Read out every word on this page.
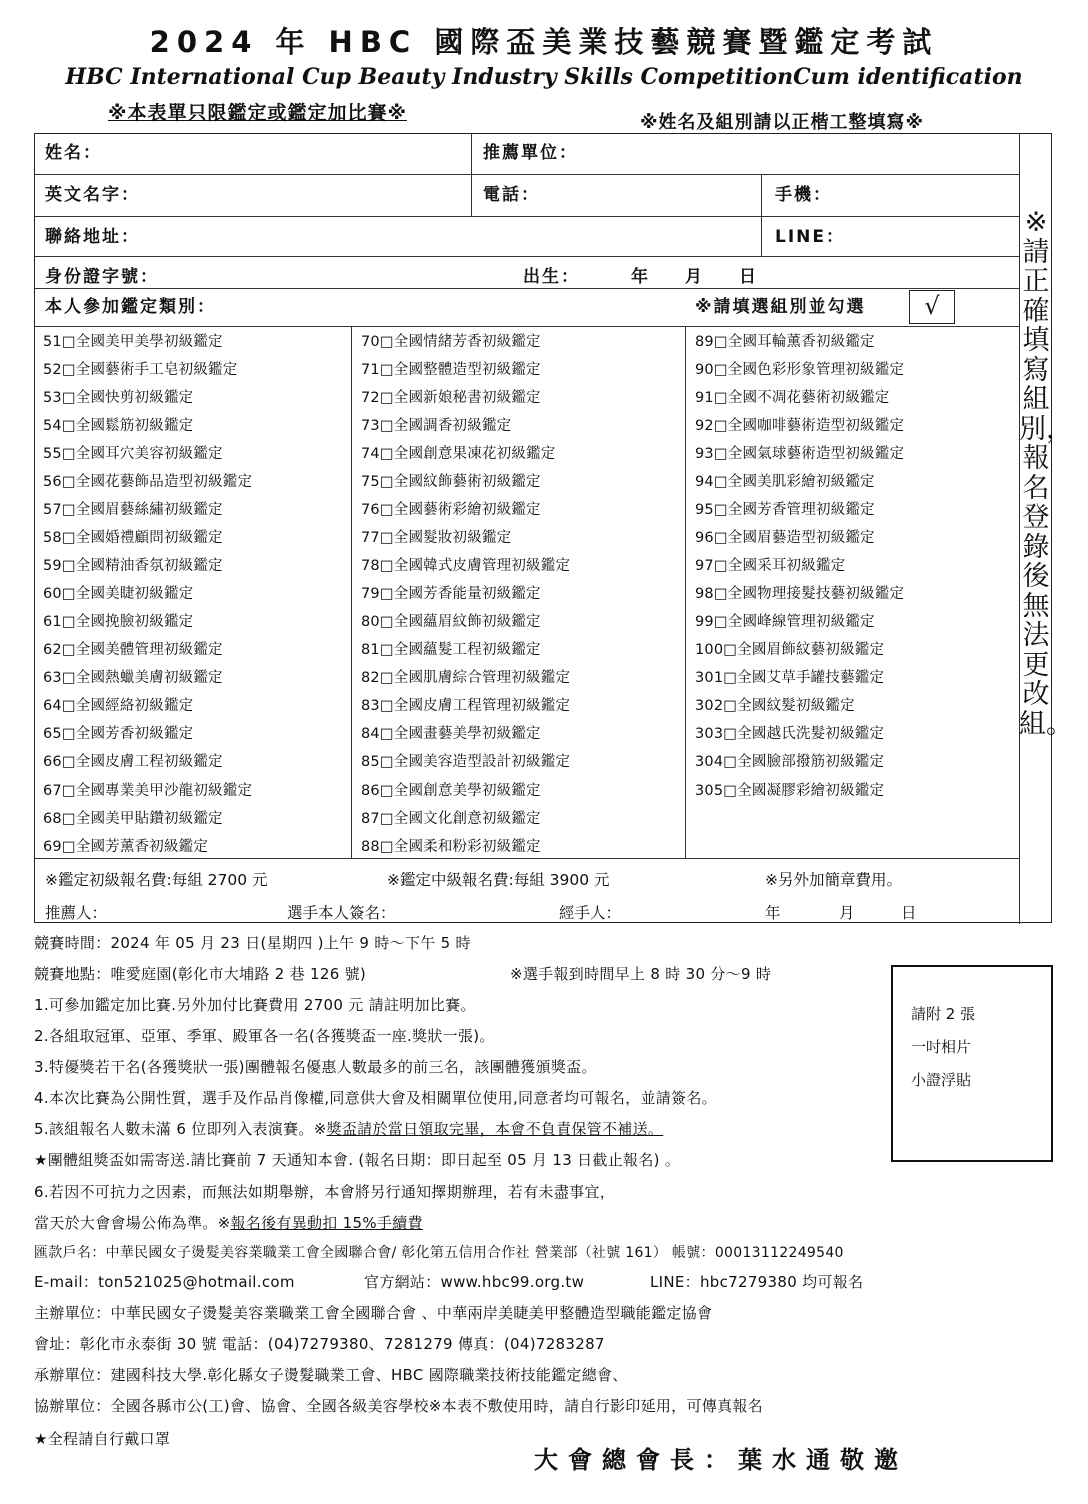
2024 年 HBC 國際盃美業技藝競賽暨鑑定考試
HBC International Cup Beauty Industry Skills CompetitionCum identification
※本表單只限鑑定或鑑定加比賽※	※姓名及組別請以正楷工整填寫※
姓名：	推薦單位：
英文名字：	電話：	手機：
聯絡地址：	LINE：
身份證字號：	出生：	年 月 日
本人參加鑑定類別：	※請填選組別並勾選	√
※請正確填寫組別，報名登錄後無法更改組。
51□全國美甲美學初級鑑定
52□全國藝術手工皂初級鑑定
53□全國快剪初級鑑定
54□全國鬆筋初級鑑定
55□全國耳穴美容初級鑑定
56□全國花藝飾品造型初級鑑定
57□全國眉藝絲繡初級鑑定
58□全國婚禮顧問初級鑑定
59□全國精油香氛初級鑑定
60□全國美睫初級鑑定
61□全國挽臉初級鑑定
62□全國美體管理初級鑑定
63□全國熱蠟美膚初級鑑定
64□全國經絡初級鑑定
65□全國芳香初級鑑定
66□全國皮膚工程初級鑑定
67□全國專業美甲沙龍初級鑑定
68□全國美甲貼鑽初級鑑定
69□全國芳薰香初級鑑定
70□全國情緒芳香初級鑑定
71□全國整體造型初級鑑定
72□全國新娘秘書初級鑑定
73□全國調香初級鑑定
74□全國創意果凍花初級鑑定
75□全國紋飾藝術初級鑑定
76□全國藝術彩繪初級鑑定
77□全國髮妝初級鑑定
78□全國韓式皮膚管理初級鑑定
79□全國芳香能量初級鑑定
80□全國蘊眉紋飾初級鑑定
81□全國蘊髮工程初級鑑定
82□全國肌膚綜合管理初級鑑定
83□全國皮膚工程管理初級鑑定
84□全國畫藝美學初級鑑定
85□全國美容造型設計初級鑑定
86□全國創意美學初級鑑定
87□全國文化創意初級鑑定
88□全國柔和粉彩初級鑑定
89□全國耳輪薰香初級鑑定
90□全國色彩形象管理初級鑑定
91□全國不凋花藝術初級鑑定
92□全國咖啡藝術造型初級鑑定
93□全國氣球藝術造型初級鑑定
94□全國美肌彩繪初級鑑定
95□全國芳香管理初級鑑定
96□全國眉藝造型初級鑑定
97□全國采耳初級鑑定
98□全國物理接髮技藝初級鑑定
99□全國峰線管理初級鑑定
100□全國眉飾紋藝初級鑑定
301□全國艾草手罐技藝鑑定
302□全國紋髮初級鑑定
303□全國越氏洗髮初級鑑定
304□全國臉部撥筋初級鑑定
305□全國凝膠彩繪初級鑑定
※鑑定初級報名費:每組 2700 元	※鑑定中級報名費:每組 3900 元	※另外加簡章費用。
推薦人：	選手本人簽名：	經手人：	年	月	日
競賽時間：2024 年 05 月 23 日(星期四 )上午 9 時～下午 5 時
競賽地點：唯愛庭園(彰化市大埔路 2 巷 126 號)	※選手報到時間早上 8 時 30 分～9 時
1.可參加鑑定加比賽.另外加付比賽費用 2700 元 請註明加比賽。
2.各組取冠軍、亞軍、季軍、殿軍各一名(各獲獎盃一座.獎狀一張)。
3.特優獎若干名(各獲獎狀一張)團體報名優惠人數最多的前三名，該團體獲頒獎盃。
4.本次比賽為公開性質，選手及作品肖像權,同意供大會及相關單位使用,同意者均可報名，並請簽名。
5.該組報名人數未滿 6 位即列入表演賽。※獎盃請於當日領取完畢，本會不負責保管不補送。
★團體組獎盃如需寄送.請比賽前 7 天通知本會. (報名日期：即日起至 05 月 13 日截止報名) 。
6.若因不可抗力之因素，而無法如期舉辦，本會將另行通知擇期辦理，若有未盡事宜，
當天於大會會場公佈為準。※報名後有異動扣 15%手續費
匯款戶名：中華民國女子燙髮美容業職業工會全國聯合會/ 彰化第五信用合作社 營業部（社號 161） 帳號：00013112249540
E-mail：ton521025@hotmail.com	官方網站：www.hbc99.org.tw	LINE：hbc7279380 均可報名
主辦單位：中華民國女子燙髮美容業職業工會全國聯合會 、中華兩岸美睫美甲整體造型職能鑑定協會
會址：彰化市永泰街 30 號 電話：(04)7279380、7281279 傳真：(04)7283287
承辦單位：建國科技大學.彰化縣女子燙髮職業工會、HBC 國際職業技術技能鑑定總會、
協辦單位：全國各縣市公(工)會、協會、全國各級美容學校※本表不敷使用時，請自行影印延用，可傳真報名
★全程請自行戴口罩
請附 2 張
一吋相片
小證浮貼
大會總會長：葉水通敬邀
